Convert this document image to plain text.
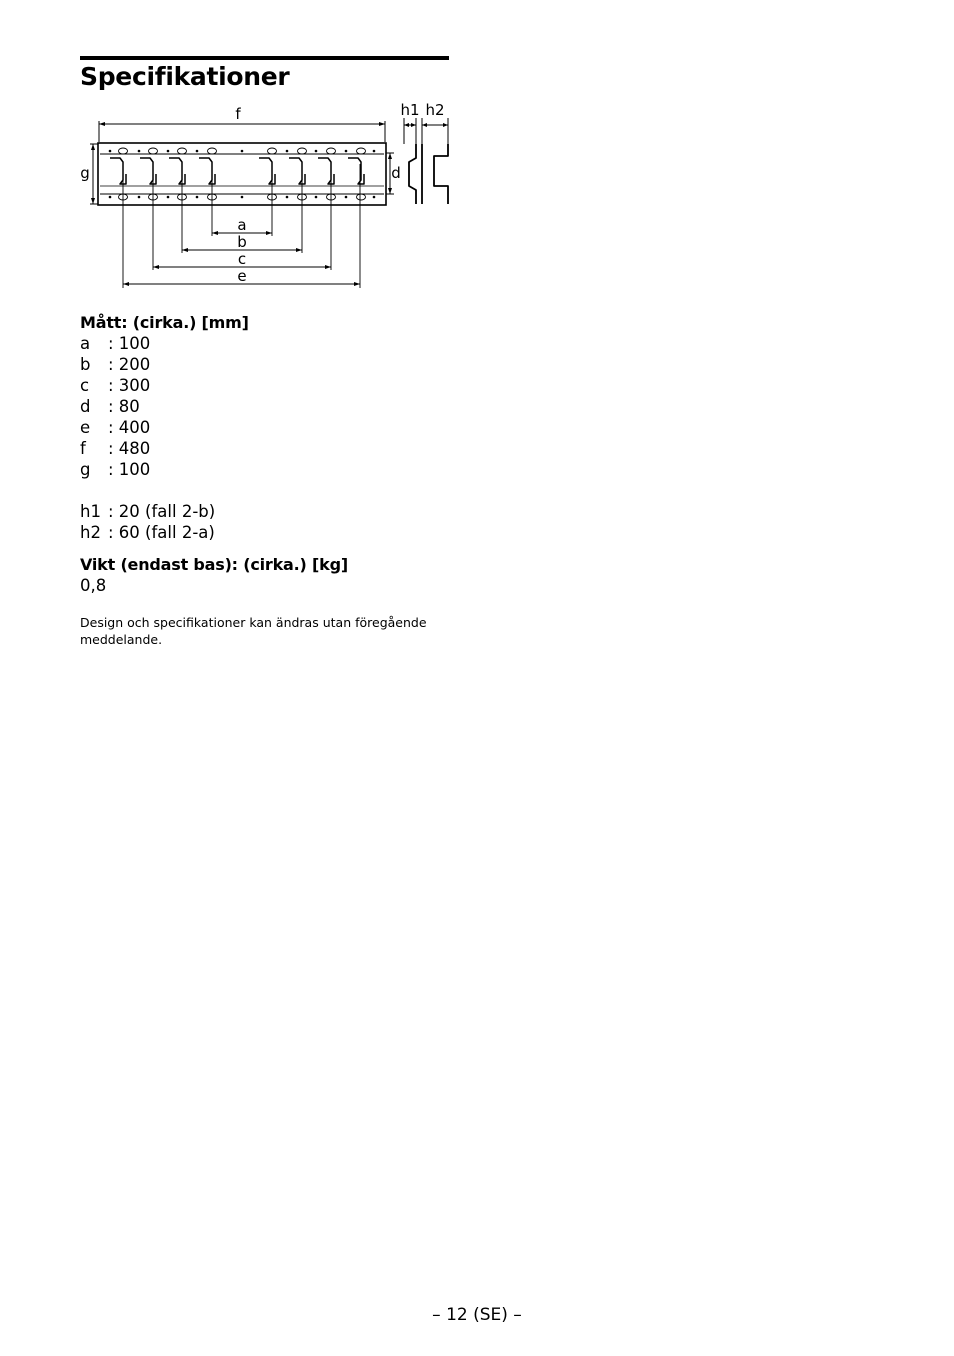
Specifikationer
f	h1 h2
g	d
a
b
c
e
Mått: (cirka.) [mm]
a	: 100
b	: 200
c	: 300
d	: 80
e	: 400
f	: 480
g	: 100
h1 : 20 (fall 2-b)
h2 : 60 (fall 2-a)
Vikt (endast bas): (cirka.) [kg]
0,8

Design och specifikationer kan ändras utan föregående meddelande.

– 12 (SE) –
